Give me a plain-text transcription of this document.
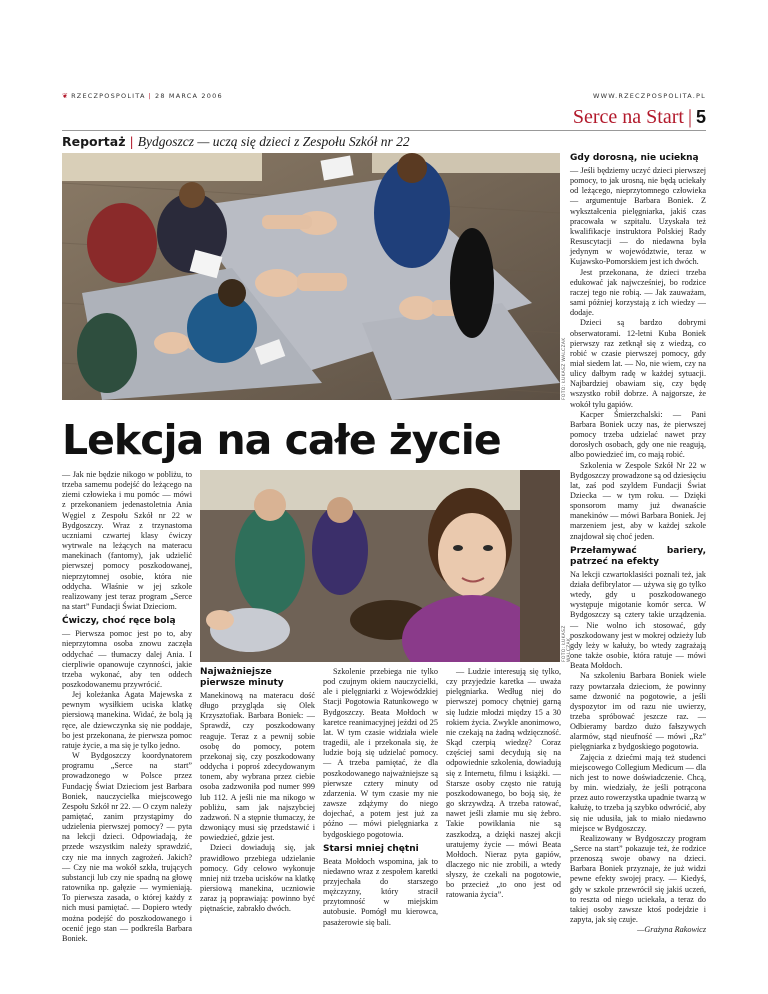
❦ RZECZPOSPOLITA | 28 MARCA 2006	WWW.RZECZPOSPOLITA.PL
Serce na Start | 5
Reportaż | Bydgoszcz — uczą się dzieci z Zespołu Szkół nr 22
FOTO: ŁUKASZ WALCZAK
Lekcja na całe życie
FOTO: ŁUKASZ WALCZAK

— Jak nie będzie nikogo w pobliżu, to trzeba samemu podejść do leżącego na ziemi człowieka i mu pomóc — mówi z przekonaniem jedenastoletnia Ania Węgiel z Zespołu Szkół nr 22 w Bydgoszczy. Wraz z trzynastoma uczniami czwartej klasy ćwiczy wytrwale na leżących na materacu manekinach (fantomy), jak udzielić pierwszej pomocy poszkodowanej, nieprzytomnej osobie, która nie oddycha. Właśnie w jej szkole realizowany jest teraz program „Serce na start” Fundacji Świat Dzieciom.

Ćwiczy, choć ręce bolą

— Pierwsza pomoc jest po to, aby nieprzytomna osoba znowu zaczęła oddychać — tłumaczy dalej Ania. I cierpliwie opanowuje czynności, jakie trzeba wykonać, aby ten oddech poszkodowanemu przywrócić.

Jej koleżanka Agata Majewska z pewnym wysiłkiem uciska klatkę piersiową manekina. Widać, że bolą ją ręce, ale dziewczynka się nie poddaje, bo jest przekonana, że pierwsza pomoc ratuje życie, a ma się je tylko jedno.

W Bydgoszczy koordynatorem programu „Serce na start” prowadzonego w Polsce przez Fundację Świat Dzieciom jest Barbara Boniek, nauczycielka miejscowego Zespołu Szkół nr 22. — O czym należy pamiętać, zanim przystąpimy do udzielenia pierwszej pomocy? — pyta na lekcji dzieci. Odpowiadają, że przede wszystkim należy sprawdzić, czy nie ma innych zagrożeń. Jakich? — Czy nie ma wokół szkła, trujących substancji lub czy nie spadną na głowę ratownika np. gałęzie — wymieniają. To pierwsza zasada, o której każdy z nich musi pamiętać. — Dopiero wtedy można podejść do poszkodowanego i ocenić jego stan — podkreśla Barbara Boniek.

Najważniejsze pierwsze minuty

Manekinową na materacu dość długo przygląda się Olek Krzysztofiak. Barbara Boniek: — Sprawdź, czy poszkodowany reaguje. Teraz z a pewnij sobie osobę do pomocy, potem przekonaj się, czy poszkodowany oddycha i poproś zdecydowanym tonem, aby wybrana przez ciebie osoba zadzwoniła pod numer 999 lub 112. A jeśli nie ma nikogo w pobliżu, sam jak najszybciej zadzwoń. N a stępnie tłumaczy, że dzwoniący musi się przedstawić i powiedzieć, gdzie jest.

Dzieci dowiadują się, jak prawidłowo przebiega udzielanie pomocy. Gdy celowo wykonuje mniej niż trzeba ucisków na klatkę piersiową manekina, uczniowie zaraz ją poprawiają: powinno być piętnaście, zabrakło dwóch.

Szkolenie przebiega nie tylko pod czujnym okiem nauczycielki, ale i pielęgniarki z Wojewódzkiej Stacji Pogotowia Ratunkowego w Bydgoszczy. Beata Mołdoch w karetce reanimacyjnej jeździ od 25 lat. W tym czasie widziała wiele tragedii, ale i przekonała się, że ludzie boją się udzielać pomocy. — A trzeba pamiętać, że dla poszkodowanego najważniejsze są pierwsze cztery minuty od zdarzenia. W tym czasie my nie zawsze zdążymy do niego dojechać, a potem jest już za późno — mówi pielęgniarka z bydgoskiego pogotowia.

Starsi mniej chętni

Beata Mołdoch wspomina, jak to niedawno wraz z zespołem karetki przyjechała do starszego mężczyzny, który stracił przytomność w miejskim autobusie. Pomógł mu kierowca, pasażerowie się bali.

— Ludzie interesują się tylko, czy przyjedzie karetka — uważa pielęgniarka. Według niej do pierwszej pomocy chętniej garną się ludzie młodzi między 15 a 30 rokiem życia. Zwykle anonimowo, nie czekają na żadną wdzięczność. Skąd czerpią wiedzę? Coraz częściej sami decydują się na odpowiednie szkolenia, dowiadują się z Internetu, filmu i książki. — Starsze osoby często nie ratują poszkodowanego, bo boją się, że go skrzywdzą. A trzeba ratować, nawet jeśli złamie mu się żebro. Takie powikłania nie są zaszkodzą, a dzięki naszej akcji uratujemy życie — mówi Beata Mołdoch. Nieraz pyta gapiów, dlaczego nic nie zrobili, a wtedy słyszy, że czekali na pogotowie, bo przecież „to ono jest od ratowania życia”.

Gdy dorosną, nie uciekną

— Jeśli będziemy uczyć dzieci pierwszej pomocy, to jak urosną, nie będą uciekały od leżącego, nieprzytomnego człowieka — argumentuje Barbara Boniek. Z wykształcenia pielęgniarka, jakiś czas pracowała w szpitalu. Uzyskała też kwalifikacje instruktora Polskiej Rady Resuscytacji — do niedawna była jedynym w województwie, teraz w Kujawsko-Pomorskiem jest ich dwóch.

Jest przekonana, że dzieci trzeba edukować jak najwcześniej, bo rodzice raczej tego nie robią. — Jak zauważam, sami później korzystają z ich wiedzy — dodaje.

Dzieci są bardzo dobrymi obserwatorami. 12-letni Kuba Boniek pierwszy raz zetknął się z wiedzą, co robić w czasie pierwszej pomocy, gdy miał siedem lat. — No, nie wiem, czy na ulicy dałbym radę w każdej sytuacji. Najbardziej obawiam się, czy będę wszystko robił dobrze. A najgorsze, że wokół tylu gapiów.

Kacper Śmierzchalski: — Pani Barbara Boniek uczy nas, że pierwszej pomocy trzeba udzielać nawet przy dorosłych osobach, gdy one nie reagują, albo powiedzieć im, co mają robić.

Szkolenia w Zespole Szkół Nr 22 w Bydgoszczy prowadzone są od dziesięciu lat, zaś pod szyldem Fundacji Świat Dziecka — w tym roku. — Dzięki sponsorom mamy już dwanaście manekinów — mówi Barbara Boniek. Jej marzeniem jest, aby w każdej szkole znajdował się choć jeden.

Przełamywać bariery, patrzeć na efekty

Na lekcji czwartoklasiści poznali też, jak działa defibrylator — używa się go tylko wtedy, gdy u poszkodowanego występuje migotanie komór serca. W Bydgoszczy są cztery takie urządzenia. — Nie wolno ich stosować, gdy poszkodowany jest w mokrej odzieży lub gdy leży w kałuży, bo wtedy zagrażają one także osobie, która ratuje — mówi Beata Mołdoch.

Na szkoleniu Barbara Boniek wiele razy powtarzała dzieciom, że powinny same dzwonić na pogotowie, a jeśli dyspozytor im od razu nie uwierzy, trzeba spróbować jeszcze raz. — Odbieramy bardzo dużo fałszywych alarmów, stąd nieufność — mówi „Rz” pielęgniarka z bydgoskiego pogotowia.

Zajęcia z dziećmi mają też studenci miejscowego Collegium Medicum — dla nich jest to nowe doświadczenie. Chcą, by min. wiedziały, że jeśli potrącona przez auto rowerzystka upadnie twarzą w kałużę, to trzeba ją szybko odwrócić, aby się nie udusiła, jak to miało niedawno miejsce w Bydgoszczy.

Realizowany w Bydgoszczy program „Serce na start” pokazuje też, że rodzice przenoszą swoje obawy na dzieci. Barbara Boniek przyznaje, że już widzi pewne efekty swojej pracy. — Kiedyś, gdy w szkole przewrócił się jakiś uczeń, to reszta od niego uciekała, a teraz do takiej osoby zawsze ktoś podejdzie i zapyta, jak się czuje.

—Grażyna Rakowicz
